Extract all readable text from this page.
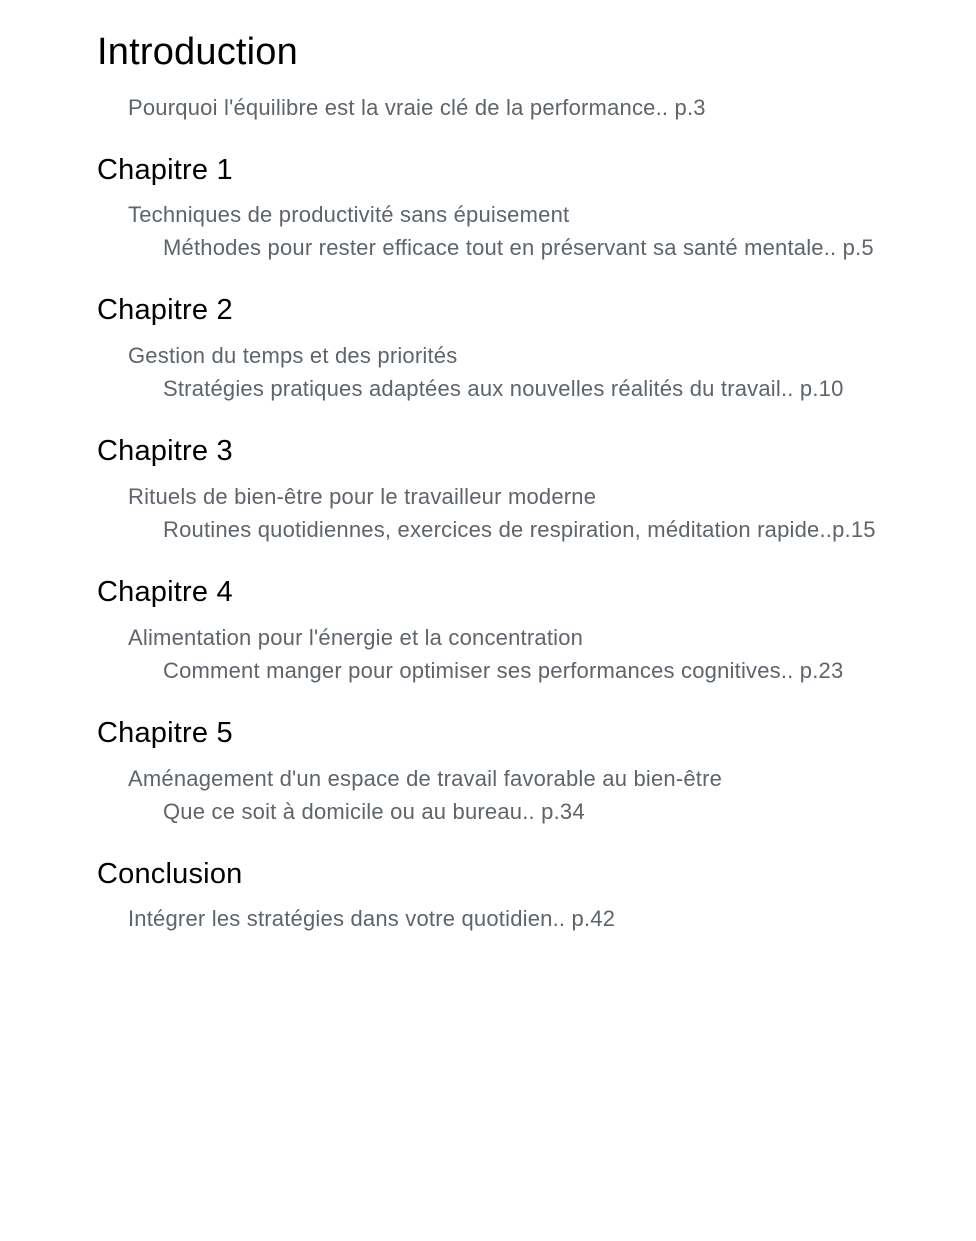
Introduction

Pourquoi l'équilibre est la vraie clé de la performance.. p.3

Chapitre 1

Techniques de productivité sans épuisement

Méthodes pour rester efficace tout en préservant sa santé mentale.. p.5

Chapitre 2

Gestion du temps et des priorités

Stratégies pratiques adaptées aux nouvelles réalités du travail.. p.10

Chapitre 3

Rituels de bien-être pour le travailleur moderne

Routines quotidiennes, exercices de respiration, méditation rapide..p.15

Chapitre 4

Alimentation pour l'énergie et la concentration

Comment manger pour optimiser ses performances cognitives.. p.23

Chapitre 5

Aménagement d'un espace de travail favorable au bien-être

Que ce soit à domicile ou au bureau.. p.34

Conclusion

Intégrer les stratégies dans votre quotidien.. p.42
